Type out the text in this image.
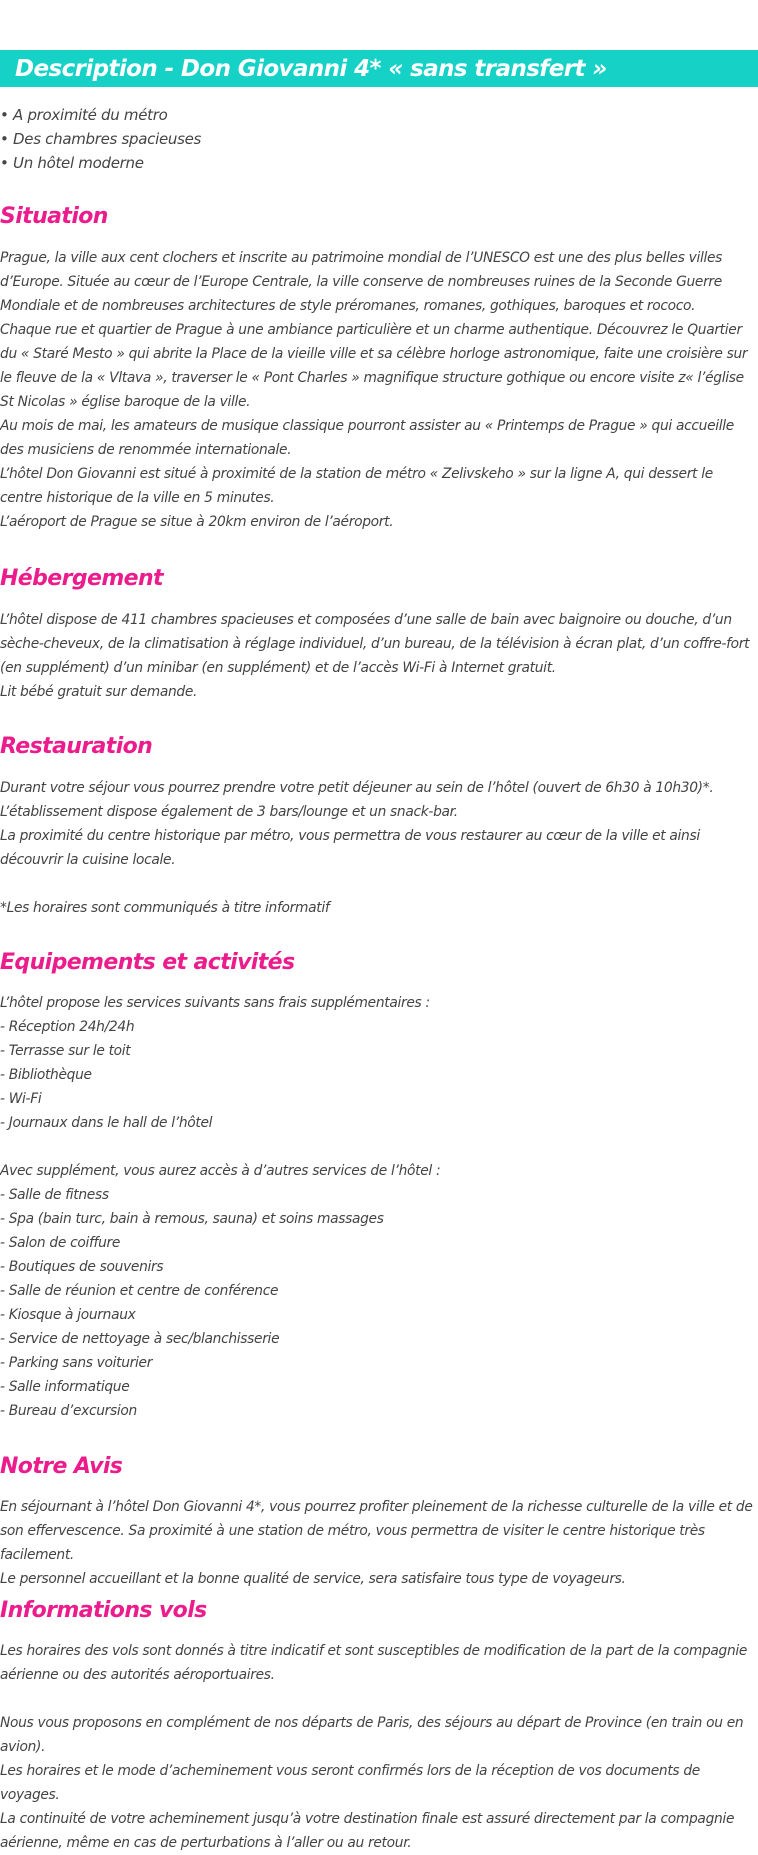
Description - Don Giovanni 4* « sans transfert »
• A proximité du métro
• Des chambres spacieuses
• Un hôtel moderne
Situation

Prague, la ville aux cent clochers et inscrite au patrimoine mondial de l’UNESCO est une des plus belles villes d’Europe. Située au cœur de l’Europe Centrale, la ville conserve de nombreuses ruines de la Seconde Guerre Mondiale et de nombreuses architectures de style préromanes, romanes, gothiques, baroques et rococo.

Chaque rue et quartier de Prague à une ambiance particulière et un charme authentique. Découvrez le Quartier du « Staré Mesto » qui abrite la Place de la vieille ville et sa célèbre horloge astronomique, faite une croisière sur le fleuve de la « Vltava », traverser le « Pont Charles » magnifique structure gothique ou encore visite z« l’église St Nicolas » église baroque de la ville.

Au mois de mai, les amateurs de musique classique pourront assister au « Printemps de Prague » qui accueille des musiciens de renommée internationale.

L’hôtel Don Giovanni est situé à proximité de la station de métro « Zelivskeho » sur la ligne A, qui dessert le centre historique de la ville en 5 minutes.

L’aéroport de Prague se situe à 20km environ de l’aéroport.

Hébergement

L’hôtel dispose de 411 chambres spacieuses et composées d’une salle de bain avec baignoire ou douche, d’un sèche-cheveux, de la climatisation à réglage individuel, d’un bureau, de la télévision à écran plat, d’un coffre-fort (en supplément) d’un minibar (en supplément) et de l’accès Wi-Fi à Internet gratuit.

Lit bébé gratuit sur demande.

Restauration

Durant votre séjour vous pourrez prendre votre petit déjeuner au sein de l’hôtel (ouvert de 6h30 à 10h30)*.

L’établissement dispose également de 3 bars/lounge et un snack-bar.

La proximité du centre historique par métro, vous permettra de vous restaurer au cœur de la ville et ainsi découvrir la cuisine locale.

*Les horaires sont communiqués à titre informatif

Equipements et activités

L’hôtel propose les services suivants sans frais supplémentaires :

- Réception 24h/24h

- Terrasse sur le toit

- Bibliothèque

- Wi-Fi

- Journaux dans le hall de l’hôtel

Avec supplément, vous aurez accès à d’autres services de l’hôtel :

- Salle de fitness

- Spa (bain turc, bain à remous, sauna) et soins massages

- Salon de coiffure

- Boutiques de souvenirs

- Salle de réunion et centre de conférence

- Kiosque à journaux

- Service de nettoyage à sec/blanchisserie

- Parking sans voiturier

- Salle informatique

- Bureau d’excursion

Notre Avis

En séjournant à l’hôtel Don Giovanni 4*, vous pourrez profiter pleinement de la richesse culturelle de la ville et de son effervescence. Sa proximité à une station de métro, vous permettra de visiter le centre historique très facilement.

Le personnel accueillant et la bonne qualité de service, sera satisfaire tous type de voyageurs.

Informations vols

Les horaires des vols sont donnés à titre indicatif et sont susceptibles de modification de la part de la compagnie aérienne ou des autorités aéroportuaires.

Nous vous proposons en complément de nos départs de Paris, des séjours au départ de Province (en train ou en avion).

Les horaires et le mode d’acheminement vous seront confirmés lors de la réception de vos documents de voyages.

La continuité de votre acheminement jusqu’à votre destination finale est assuré directement par la compagnie aérienne, même en cas de perturbations à l’aller ou au retour.
